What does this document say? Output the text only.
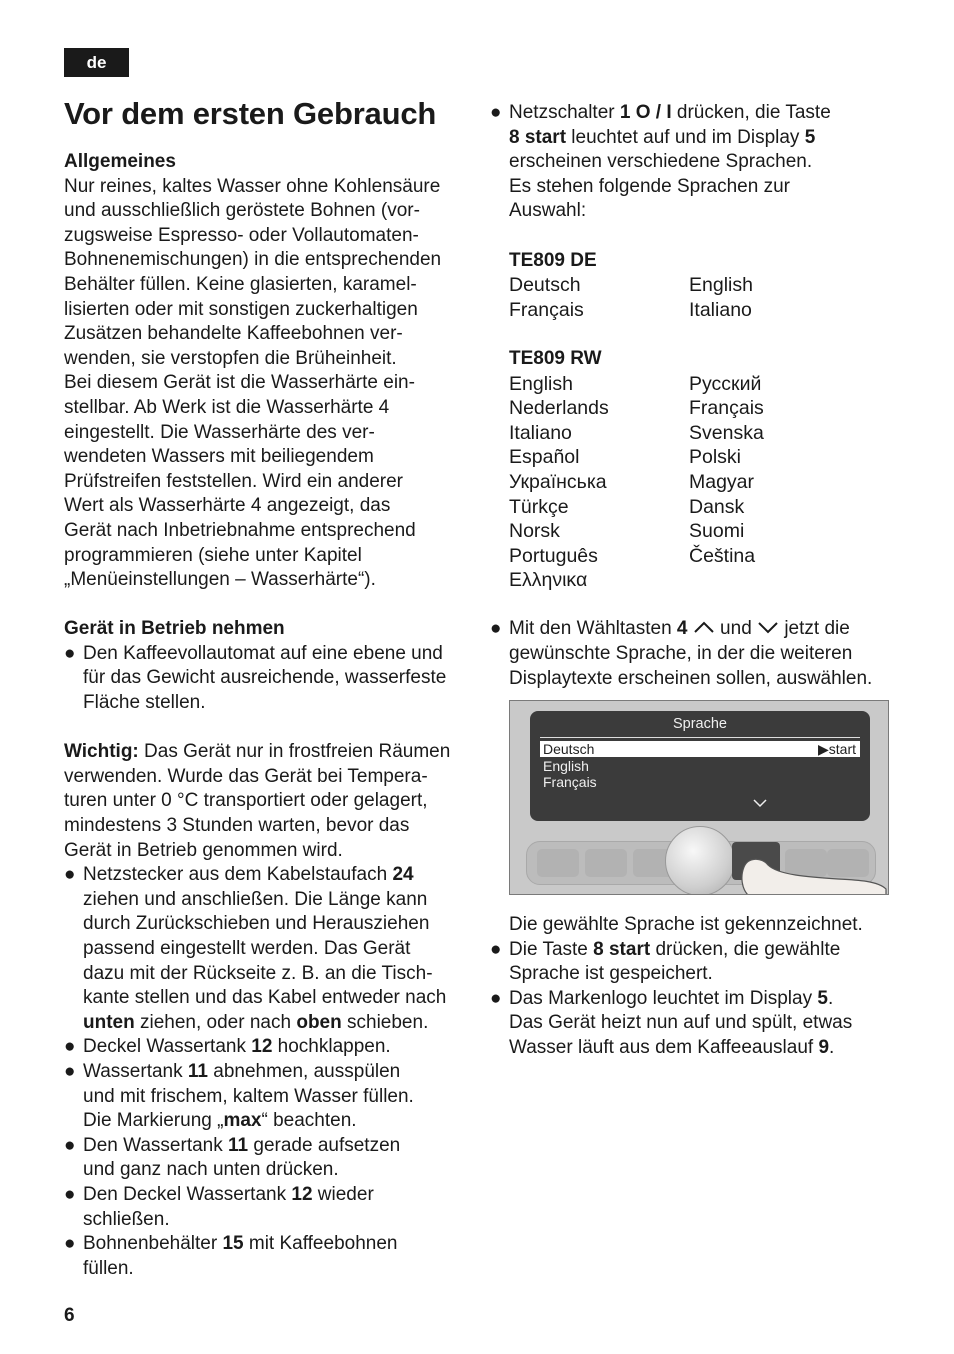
de
Vor dem ersten Gebrauch

Allgemeines

Nur reines, kaltes Wasser ohne Kohlensäure
und ausschließlich geröstete Bohnen (vor-
zugsweise Espresso- oder Vollautomaten-
Bohnenemischungen) in die entsprechenden
Behälter füllen. Keine glasierten, karamel-
lisierten oder mit sonstigen zuckerhaltigen
Zusätzen behandelte Kaffeebohnen ver-
wenden, sie verstopfen die Brüheinheit.
Bei diesem Gerät ist die Wasserhärte ein-
stellbar. Ab Werk ist die Wasserhärte 4
eingestellt. Die Wasserhärte des ver-
wendeten Wassers mit beiliegendem
Prüfstreifen feststellen. Wird ein anderer
Wert als Wasserhärte 4 angezeigt, das
Gerät nach Inbetriebnahme entsprechend
programmieren (siehe unter Kapitel
„Menüeinstellungen – Wasserhärte“).

Gerät in Betrieb nehmen

● Den Kaffeevollautomat auf eine ebene und
für das Gewicht ausreichende, wasserfeste
Fläche stellen.
Wichtig: Das Gerät nur in frostfreien Räumen
verwenden. Wurde das Gerät bei Tempera-
turen unter 0 °C transportiert oder gelagert,
mindestens 3 Stunden warten, bevor das
Gerät in Betrieb genommen wird.
● Netzstecker aus dem Kabelstaufach 24
ziehen und anschließen. Die Länge kann
durch Zurückschieben und Herausziehen
passend eingestellt werden. Das Gerät
dazu mit der Rückseite z. B. an die Tisch-
kante stellen und das Kabel entweder nach
unten ziehen, oder nach oben schieben.
● Deckel Wassertank 12 hochklappen.
● Wassertank 11 abnehmen, ausspülen
und mit frischem, kaltem Wasser füllen.
Die Markierung „max“ beachten.
● Den Wassertank 11 gerade aufsetzen
und ganz nach unten drücken.
● Den Deckel Wassertank 12 wieder
schließen.
● Bohnenbehälter 15 mit Kaffeebohnen
füllen.
● Netzschalter 1 O / I drücken, die Taste
8 start leuchtet auf und im Display 5
erscheinen verschiedene Sprachen.
Es stehen folgende Sprachen zur
Auswahl:

TE809 DE

Deutsch	English
Français	Italiano

TE809 RW

English	Русский
Nederlands	Français
Italiano	Svenska
Español	Polski
Українська	Magyar
Türkçe	Dansk
Norsk	Suomi
Português	Čeština
Ελληνικα
● Mit den Wähltasten 4  und  jetzt die
gewünschte Sprache, in der die weiteren
Displaytexte erscheinen sollen, auswählen.
Sprache
Deutsch	▶start
English
Français

Die gewählte Sprache ist gekennzeichnet.

● Die Taste 8 start drücken, die gewählte
Sprache ist gespeichert.
● Das Markenlogo leuchtet im Display 5.
Das Gerät heizt nun auf und spült, etwas
Wasser läuft aus dem Kaffeeauslauf 9.
6
